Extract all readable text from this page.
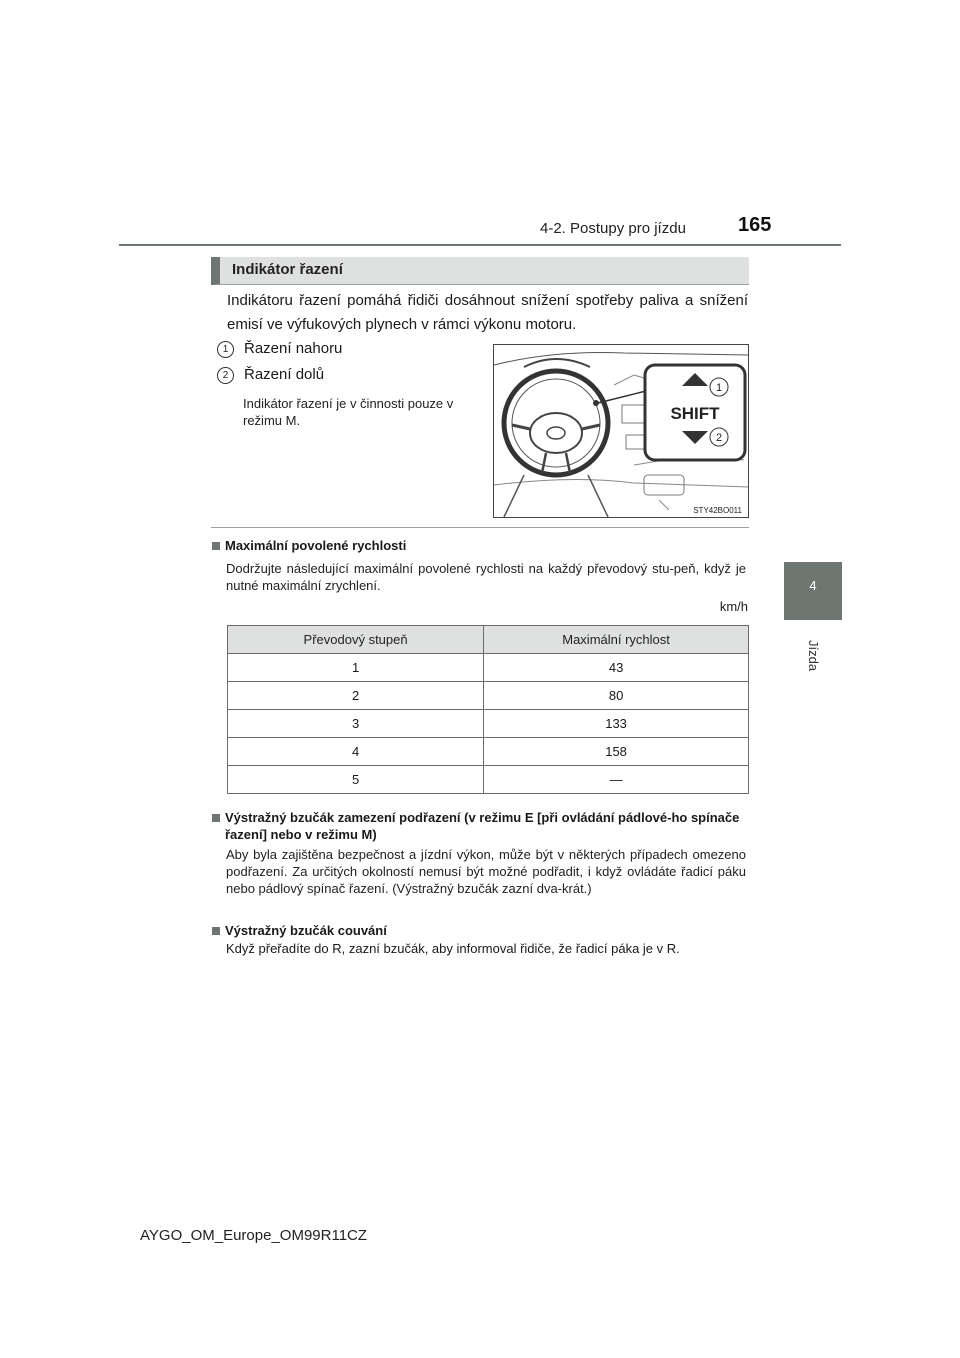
4-2. Postupy pro jízdu	165
4
Jízda
Indikátor řazení
Indikátoru řazení pomáhá řidiči dosáhnout snížení spotřeby paliva a snížení emisí ve výfukových plynech v rámci výkonu motoru.
1	Řazení nahoru
2	Řazení dolů
Indikátor řazení je v činnosti pouze v režimu M.	SHIFT
1
2
STY42BO011
Maximální povolené rychlosti
Dodržujte následující maximální povolené rychlosti na každý převodový stu-peň, když je nutné maximální zrychlení.
km/h
Převodový stupeň	Maximální rychlost
1	43
2	80
3	133
4	158
5	—
Výstražný bzučák zamezení podřazení (v režimu E [při ovládání pádlové-ho spínače řazení] nebo v režimu M)
Aby byla zajištěna bezpečnost a jízdní výkon, může být v některých případech omezeno podřazení. Za určitých okolností nemusí být možné podřadit, i když ovládáte řadicí páku nebo pádlový spínač řazení. (Výstražný bzučák zazní dva-krát.)
Výstražný bzučák couvání
Když přeřadíte do R, zazní bzučák, aby informoval řidiče, že řadicí páka je v R.
AYGO_OM_Europe_OM99R11CZ
